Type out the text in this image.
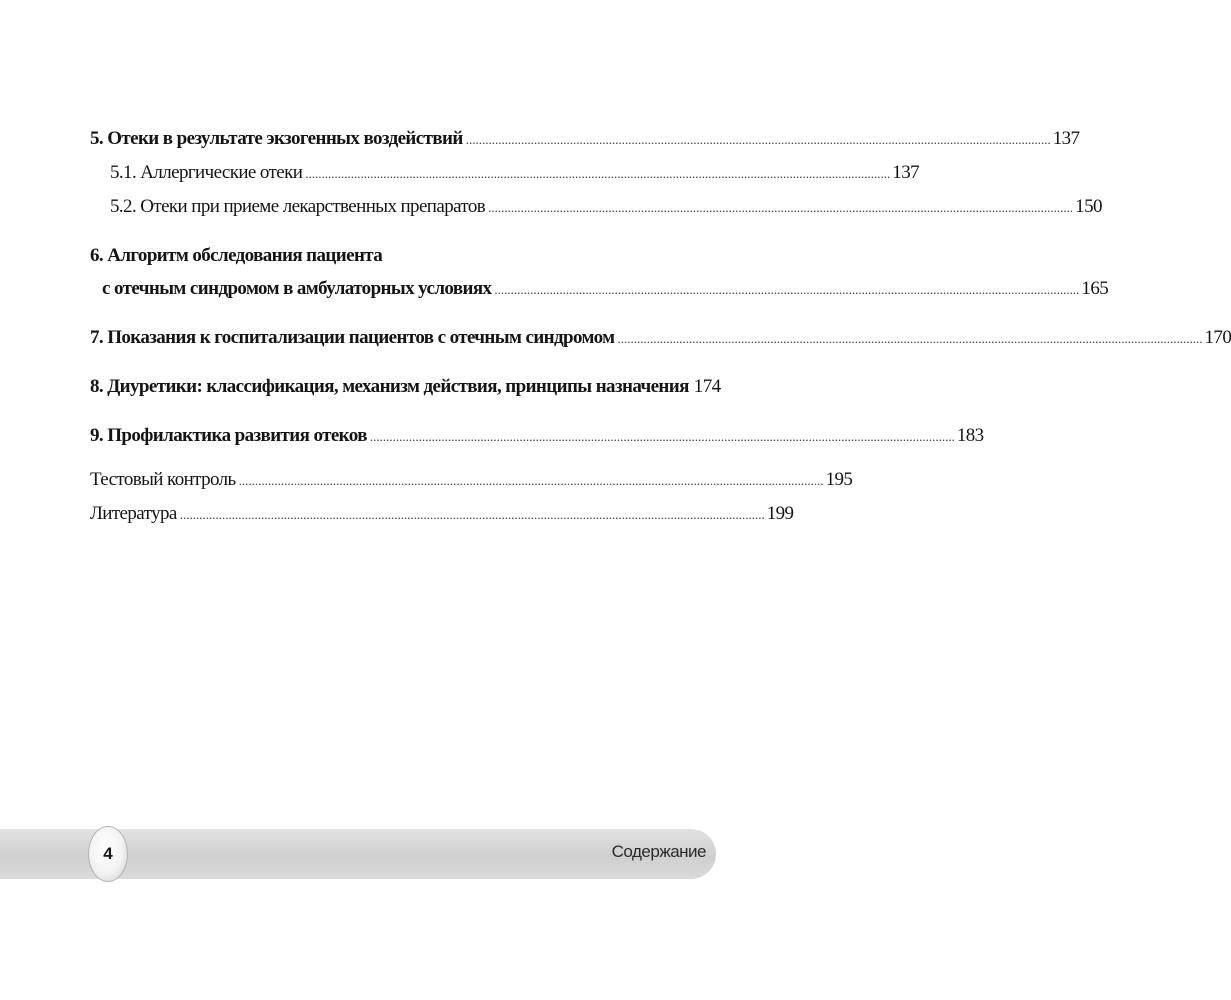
5. Отеки в результате экзогенных воздействий .................................................................................................................................................................................... 137
5.1. Аллергические отеки .................................................................................................................................................................................... 137
5.2. Отеки при приеме лекарственных препаратов .................................................................................................................................................................................... 150
6. Алгоритм обследования пациента
с отечным синдромом в амбулаторных условиях .................................................................................................................................................................................... 165
7. Показания к госпитализации пациентов с отечным синдромом .................................................................................................................................................................................... 170
8. Диуретики: классификация, механизм действия, принципы назначения 174
9. Профилактика развития отеков .................................................................................................................................................................................... 183
Тестовый контроль .................................................................................................................................................................................... 195
Литература .................................................................................................................................................................................... 199
4	Содержание
